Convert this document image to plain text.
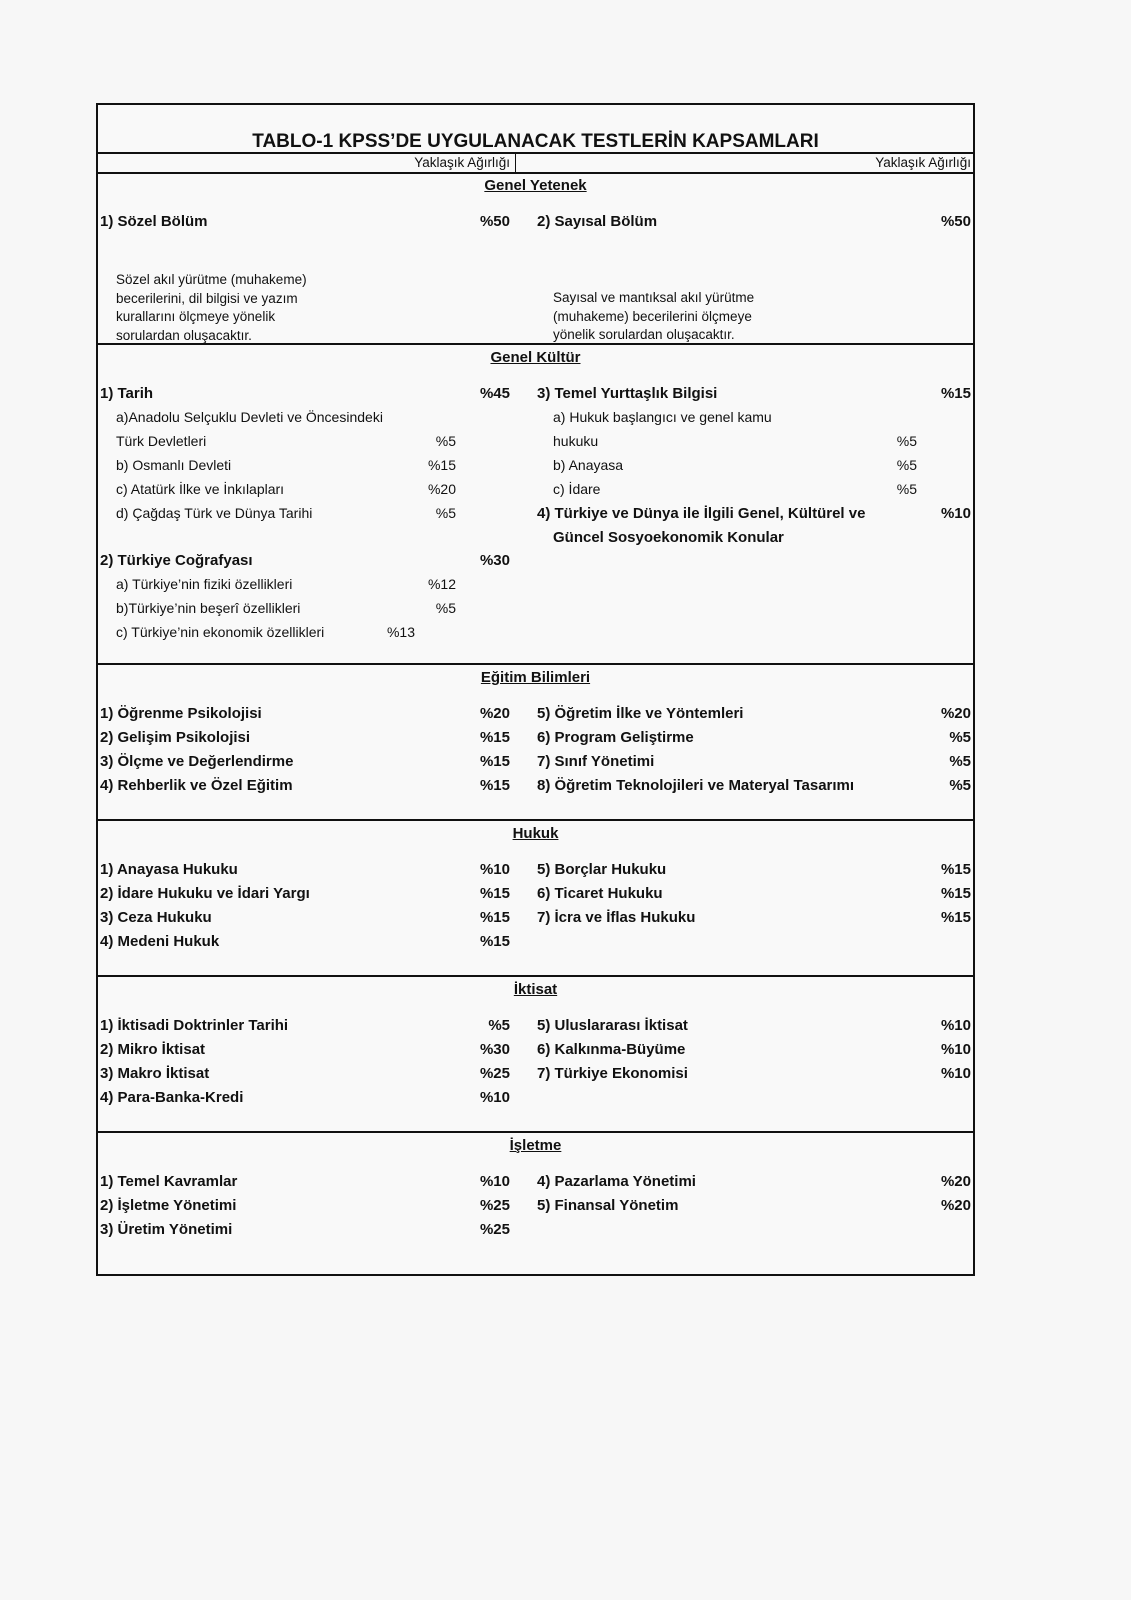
TABLO-1 KPSS’DE UYGULANACAK TESTLERİN KAPSAMLARI
Yaklaşık Ağırlığı	Yaklaşık Ağırlığı
Genel Yetenek
1) Sözel Bölüm	%50 2) Sayısal Bölüm	%50
Sözel akıl yürütme (muhakeme) becerilerini, dil bilgisi ve yazım kurallarını ölçmeye yönelik sorulardan oluşacaktır.
Sayısal ve mantıksal akıl yürütme (muhakeme) becerilerini ölçmeye yönelik sorulardan oluşacaktır.
Genel Kültür
1) Tarih	%45
a)Anadolu Selçuklu Devleti ve Öncesindeki
Türk Devletleri	%5
b) Osmanlı Devleti	%15
c) Atatürk İlke ve İnkılapları	%20
d) Çağdaş Türk ve Dünya Tarihi	%5
2) Türkiye Coğrafyası	%30
a) Türkiye’nin fiziki özellikleri	%12
b)Türkiye’nin beşerî özellikleri	%5
c) Türkiye’nin ekonomik özellikleri	%13
3) Temel Yurttaşlık Bilgisi	%15
a) Hukuk başlangıcı ve genel kamu
hukuku	%5
b) Anayasa	%5
c) İdare	%5
4) Türkiye ve Dünya ile İlgili Genel, Kültürel ve
Güncel Sosyoekonomik Konular
%10
Eğitim Bilimleri
1) Öğrenme Psikolojisi	%20
2) Gelişim Psikolojisi	%15
3) Ölçme ve Değerlendirme	%15
4) Rehberlik ve Özel Eğitim	%15
5) Öğretim İlke ve Yöntemleri	%20
6) Program Geliştirme	%5
7) Sınıf Yönetimi	%5
8) Öğretim Teknolojileri ve Materyal Tasarımı	%5
Hukuk
1) Anayasa Hukuku	%10
2) İdare Hukuku ve İdari Yargı	%15
3) Ceza Hukuku	%15
4) Medeni Hukuk	%15
5) Borçlar Hukuku	%15
6) Ticaret Hukuku	%15
7) İcra ve İflas Hukuku	%15
İktisat
1) İktisadi Doktrinler Tarihi	%5
2) Mikro İktisat	%30
3) Makro İktisat	%25
4) Para-Banka-Kredi	%10
5) Uluslararası İktisat	%10
6) Kalkınma-Büyüme	%10
7) Türkiye Ekonomisi	%10
İşletme
1) Temel Kavramlar	%10
2) İşletme Yönetimi	%25
3) Üretim Yönetimi	%25
4) Pazarlama Yönetimi	%20
5) Finansal Yönetim	%20
